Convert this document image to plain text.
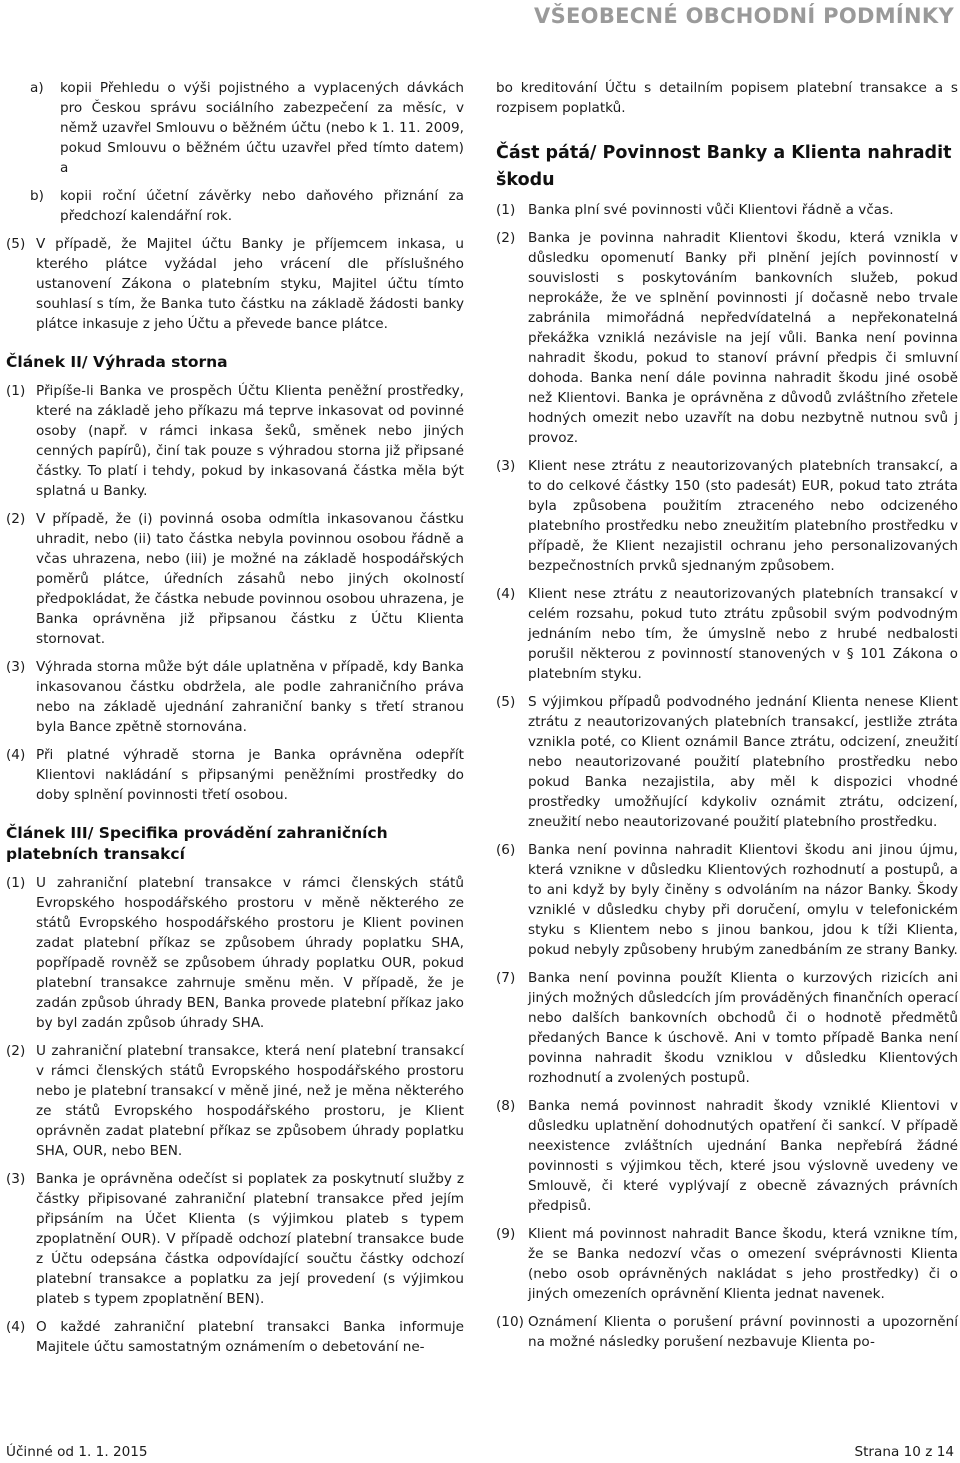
VŠEOBECNÉ OBCHODNÍ PODMÍNKY
a)	kopii Přehledu o výši pojistného a vyplacených dávkách pro Českou správu sociálního zabezpečení za měsíc, v němž uzavřel Smlouvu o běžném účtu (nebo k 1. 11. 2009, pokud Smlouvu o běžném účtu uzavřel před tímto datem) a
b)	kopii roční účetní závěrky nebo daňového přiznání za předchozí kalendářní rok.
(5) V případě, že Majitel účtu Banky je příjemcem inkasa, u kterého plátce vyžádal jeho vrácení dle příslušného ustanovení Zákona o platebním styku, Majitel účtu tímto souhlasí s tím, že Banka tuto částku na základě žádosti banky plátce inkasuje z jeho Účtu a převede bance plátce.
Článek II/ Výhrada storna
(1) Připíše-li Banka ve prospěch Účtu Klienta peněžní prostředky, které na základě jeho příkazu má teprve inkasovat od povinné osoby (např. v rámci inkasa šeků, směnek nebo jiných cenných papírů), činí tak pouze s výhradou storna již připsané částky. To platí i tehdy, pokud by inkasovaná částka měla být splatná u Banky.
(2) V případě, že (i) povinná osoba odmítla inkasovanou částku uhradit, nebo (ii) tato částka nebyla povinnou osobou řádně a včas uhrazena, nebo (iii) je možné na základě hospodářských poměrů plátce, úředních zásahů nebo jiných okolností předpokládat, že částka nebude povinnou osobou uhrazena, je Banka oprávněna již připsanou částku z Účtu Klienta stornovat.
(3) Výhrada storna může být dále uplatněna v případě, kdy Banka inkasovanou částku obdržela, ale podle zahraničního práva nebo na základě ujednání zahraniční banky s třetí stranou byla Bance zpětně stornována.
(4) Při platné výhradě storna je Banka oprávněna odepřít Klientovi nakládání s připsanými peněžními prostředky do doby splnění povinnosti třetí osobou.
Článek III/ Specifika provádění zahraničních platebních transakcí
(1) U zahraniční platební transakce v rámci členských států Evropského hospodářského prostoru v měně některého ze států Evropského hospodářského prostoru je Klient povinen zadat platební příkaz se způsobem úhrady poplatku SHA, popřípadě rovněž se způsobem úhrady poplatku OUR, pokud platební transakce zahrnuje směnu měn. V případě, že je zadán způsob úhrady BEN, Banka provede platební příkaz jako by byl zadán způsob úhrady SHA.
(2) U zahraniční platební transakce, která není platební transakcí v rámci členských států Evropského hospodářského prostoru nebo je platební transakcí v měně jiné, než je měna některého ze států Evropského hospodářského prostoru, je Klient oprávněn zadat platební příkaz se způsobem úhrady poplatku SHA, OUR, nebo BEN.
(3) Banka je oprávněna odečíst si poplatek za poskytnutí služby z částky připisované zahraniční platební transakce před jejím připsáním na Účet Klienta (s výjimkou plateb s typem zpoplatnění OUR). V případě odchozí platební transakce bude z Účtu odepsána částka odpovídající součtu částky odchozí platební transakce a poplatku za její provedení (s výjimkou plateb s typem zpoplatnění BEN).
(4) O každé zahraniční platební transakci Banka informuje Majitele účtu samostatným oznámením o debetování ne-
bo kreditování Účtu s detailním popisem platební transakce a s rozpisem poplatků.
Část pátá/ Povinnost Banky a Klienta nahradit škodu
(1) Banka plní své povinnosti vůči Klientovi řádně a včas.
(2) Banka je povinna nahradit Klientovi škodu, která vznikla v důsledku opomenutí Banky při plnění jejích povinností v souvislosti s poskytováním bankovních služeb, pokud neprokáže, že ve splnění povinnosti jí dočasně nebo trvale zabránila mimořádná nepředvídatelná a nepřekonatelná překážka vzniklá nezávisle na její vůli. Banka není povinna nahradit škodu, pokud to stanoví právní předpis či smluvní dohoda. Banka není dále povinna nahradit škodu jiné osobě než Klientovi. Banka je oprávněna z důvodů zvláštního zřetele hodných omezit nebo uzavřít na dobu nezbytně nutnou svů j provoz.
(3) Klient nese ztrátu z neautorizovaných platebních transakcí, a to do celkové částky 150 (sto padesát) EUR, pokud tato ztráta byla způsobena použitím ztraceného nebo odcizeného platebního prostředku nebo zneužitím platebního prostředku v případě, že Klient nezajistil ochranu jeho personalizovaných bezpečnostních prvků sjednaným způsobem.
(4) Klient nese ztrátu z neautorizovaných platebních transakcí v celém rozsahu, pokud tuto ztrátu způsobil svým podvodným jednáním nebo tím, že úmyslně nebo z hrubé nedbalosti porušil některou z povinností stanovených v § 101 Zákona o platebním styku.
(5) S výjimkou případů podvodného jednání Klienta nenese Klient ztrátu z neautorizovaných platebních transakcí, jestliže ztráta vznikla poté, co Klient oznámil Bance ztrátu, odcizení, zneužití nebo neautorizované použití platebního prostředku nebo pokud Banka nezajistila, aby měl k dispozici vhodné prostředky umožňující kdykoliv oznámit ztrátu, odcizení, zneužití nebo neautorizované použití platebního prostředku.
(6) Banka není povinna nahradit Klientovi škodu ani jinou újmu, která vznikne v důsledku Klientových rozhodnutí a postupů, a to ani když by byly činěny s odvoláním na názor Banky. Škody vzniklé v důsledku chyby při doručení, omylu v telefonickém styku s Klientem nebo s jinou bankou, jdou k tíži Klienta, pokud nebyly způsobeny hrubým zanedbáním ze strany Banky.
(7) Banka není povinna použít Klienta o kurzových rizicích ani jiných možných důsledcích jím prováděných finančních operací nebo dalších bankovních obchodů či o hodnotě předmětů předaných Bance k úschově. Ani v tomto případě Banka není povinna nahradit škodu vzniklou v důsledku Klientových rozhodnutí a zvolených postupů.
(8) Banka nemá povinnost nahradit škody vzniklé Klientovi v důsledku uplatnění dohodnutých opatření či sankcí. V případě neexistence zvláštních ujednání Banka nepřebírá žádné povinnosti s výjimkou těch, které jsou výslovně uvedeny ve Smlouvě, či které vyplývají z obecně závazných právních předpisů.
(9) Klient má povinnost nahradit Bance škodu, která vznikne tím, že se Banka nedozví včas o omezení svéprávnosti Klienta (nebo osob oprávněných nakládat s jeho prostředky) či o jiných omezeních oprávnění Klienta jednat navenek.
(10) Oznámení Klienta o porušení právní povinnosti a upozornění na možné následky porušení nezbavuje Klienta po-
Účinné od 1. 1. 2015	Strana 10 z 14
